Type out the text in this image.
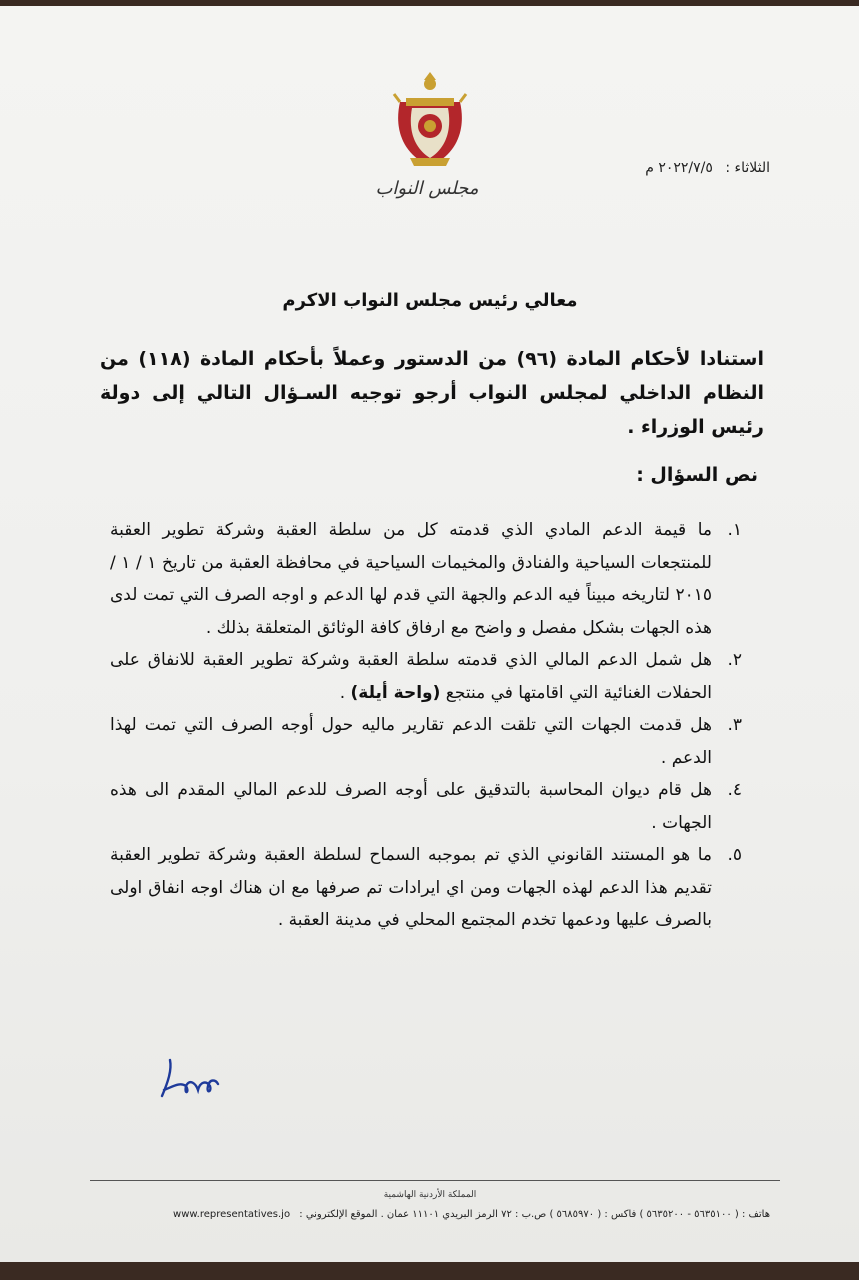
مجلس النواب
الثلاثاء : ٢٠٢٢/٧/٥ م
معالي رئيس مجلس النواب الاكرم
استنادا لأحكام المادة (٩٦) من الدستور وعملاً بأحكام المادة (١١٨) من النظام الداخلي لمجلس النواب أرجو توجيه السـؤال التالي إلى دولة رئيس الوزراء .
نص السؤال :
١.
ما قيمة الدعم المادي الذي قدمته كل من سلطة العقبة وشركة تطوير العقبة للمنتجعات السياحية والفنادق والمخيمات السياحية في محافظة العقبة من تاريخ ١ / ١ / ٢٠١٥ لتاريخه مبيناً فيه الدعم والجهة التي قدم لها الدعم و اوجه الصرف التي تمت لدى هذه الجهات بشكل مفصل و واضح مع ارفاق كافة الوثائق المتعلقة بذلك .
٢.
هل شمل الدعم المالي الذي قدمته سلطة العقبة وشركة تطوير العقبة للانفاق على الحفلات الغنائية التي اقامتها في منتجع (واحة أيلة) .
٣.
هل قدمت الجهات التي تلقت الدعم تقارير ماليه حول أوجه الصرف التي تمت لهذا الدعم .
٤.
هل قام ديوان المحاسبة بالتدقيق على أوجه الصرف للدعم المالي المقدم الى هذه الجهات .
٥.
ما هو المستند القانوني الذي تم بموجبه السماح لسلطة العقبة وشركة تطوير العقبة تقديم هذا الدعم لهذه الجهات ومن اي ايرادات تم صرفها مع ان هناك اوجه انفاق اولى بالصرف عليها ودعمها تخدم المجتمع المحلي في مدينة العقبة .
المملكة الأردنية الهاشمية
هاتف : ( ٥٦٣٥١٠٠ - ٥٦٣٥٢٠٠ ) فاكس : ( ٥٦٨٥٩٧٠ ) ص.ب : ٧٢ الرمز البريدي ١١١٠١ عمان . الموقع الإلكتروني : www.representatives.jo
